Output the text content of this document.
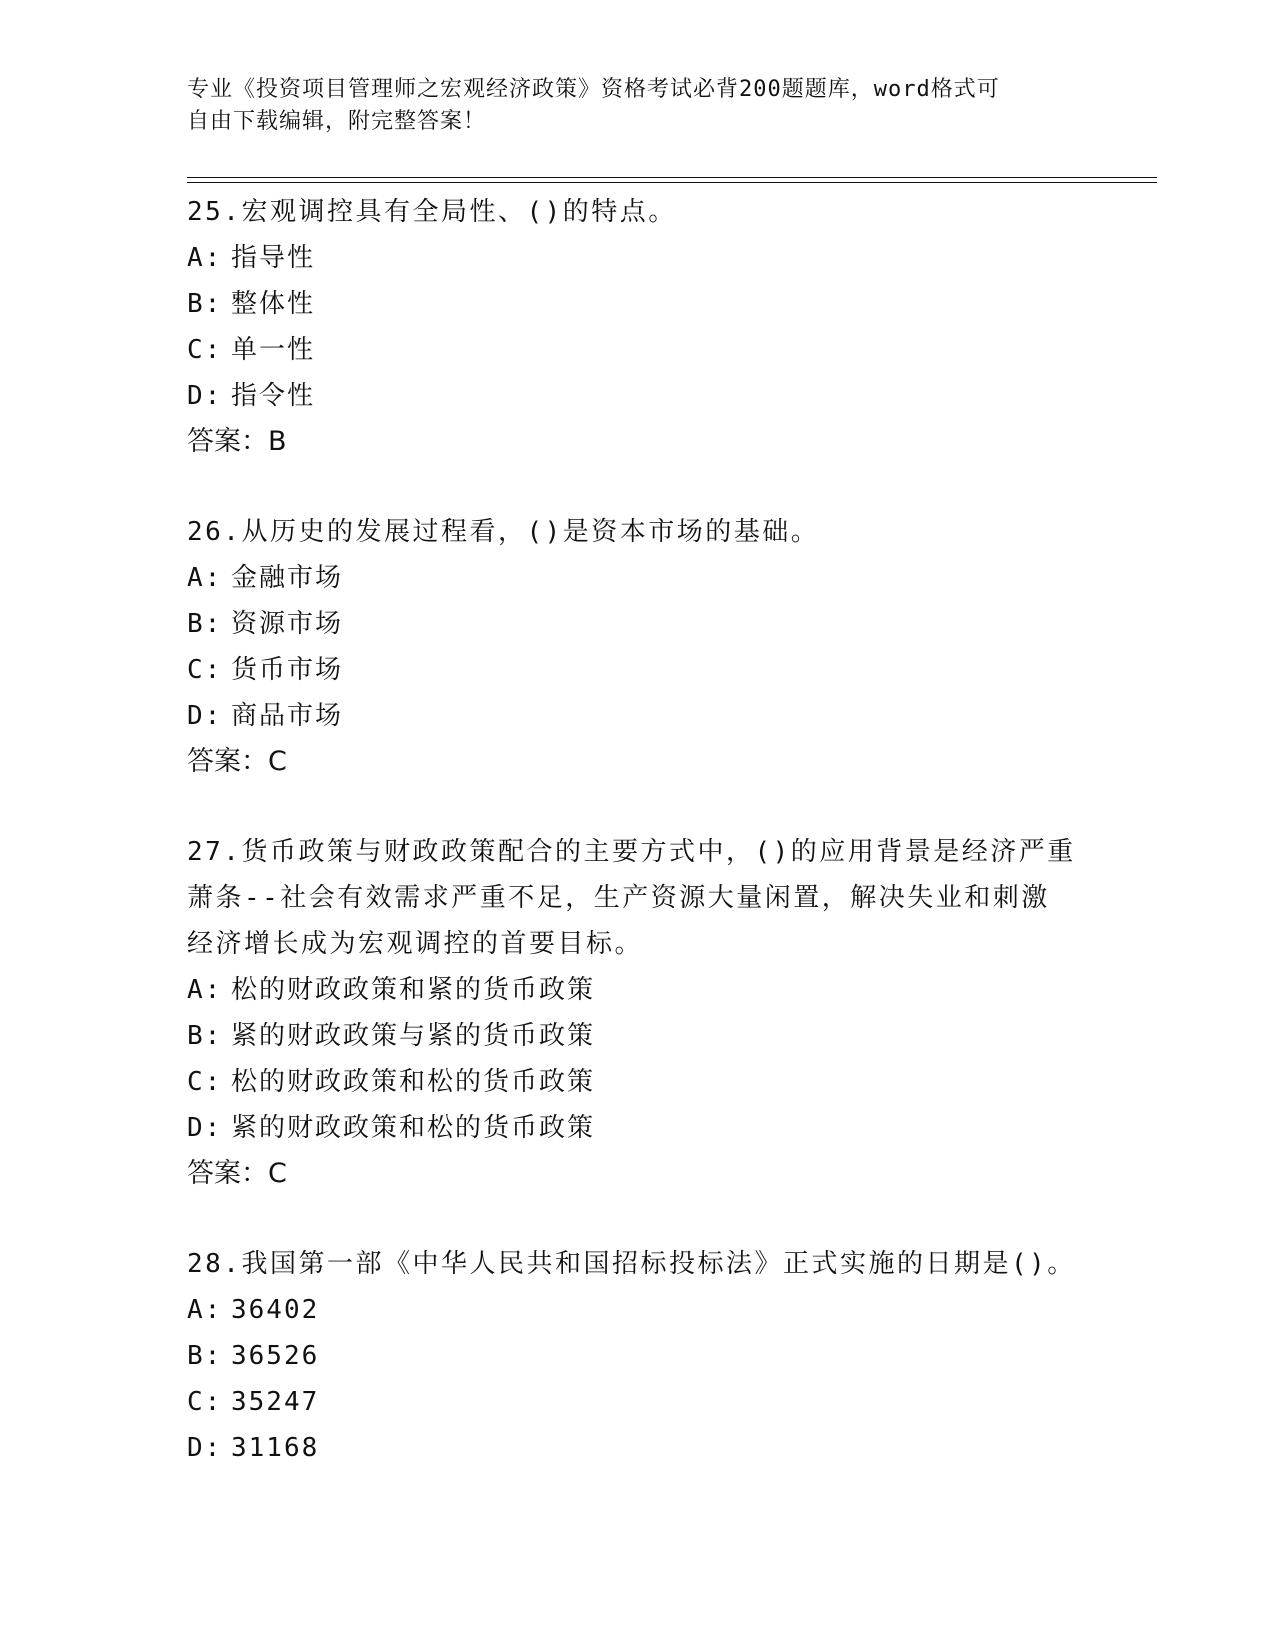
专业《投资项目管理师之宏观经济政策》资格考试必背200题题库，word格式可
自由下载编辑，附完整答案！
25.宏观调控具有全局性、()的特点。
A: 指导性
B: 整体性
C: 单一性
D: 指令性
答案：B
26.从历史的发展过程看，()是资本市场的基础。
A: 金融市场
B: 资源市场
C: 货币市场
D: 商品市场
答案：C
27.货币政策与财政政策配合的主要方式中，()的应用背景是经济严重
萧条--社会有效需求严重不足，生产资源大量闲置，解决失业和刺激
经济增长成为宏观调控的首要目标。
A: 松的财政政策和紧的货币政策
B: 紧的财政政策与紧的货币政策
C: 松的财政政策和松的货币政策
D: 紧的财政政策和松的货币政策
答案：C
28.我国第一部《中华人民共和国招标投标法》正式实施的日期是()。
A: 36402
B: 36526
C: 35247
D: 31168
